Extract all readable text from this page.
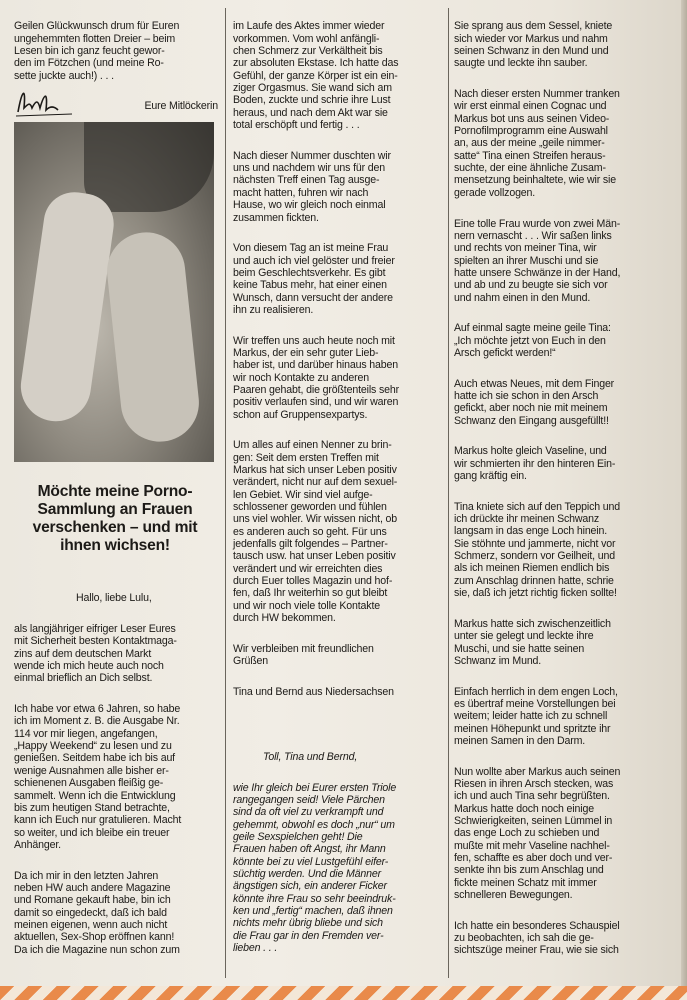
Geilen Glückwunsch drum für Euren
ungehemmten flotten Dreier – beim
Lesen bin ich ganz feucht gewor-
den im Fötzchen (und meine Ro-
sette juckte auch!) . . .

Eure Mitlöckerin

Möchte meine Porno-
Sammlung an Frauen
verschenken – und mit
ihnen wichsen!

Hallo, liebe Lulu,

als langjähriger eifriger Leser Eures
mit Sicherheit besten Kontaktmaga-
zins auf dem deutschen Markt
wende ich mich heute auch noch
einmal brieflich an Dich selbst.

Ich habe vor etwa 6 Jahren, so habe
ich im Moment z. B. die Ausgabe Nr.
114 vor mir liegen, angefangen,
„Happy Weekend“ zu lesen und zu
genießen. Seitdem habe ich bis auf
wenige Ausnahmen alle bisher er-
schienenen Ausgaben fleißig ge-
sammelt. Wenn ich die Entwicklung
bis zum heutigen Stand betrachte,
kann ich Euch nur gratulieren. Macht
so weiter, und ich bleibe ein treuer
Anhänger.

Da ich mir in den letzten Jahren
neben HW auch andere Magazine
und Romane gekauft habe, bin ich
damit so eingedeckt, daß ich bald
meinen eigenen, wenn auch nicht
aktuellen, Sex-Shop eröffnen kann!
Da ich die Magazine nun schon zum

im Laufe des Aktes immer wieder
vorkommen. Vom wohl anfängli-
chen Schmerz zur Verkältheit bis
zur absoluten Ekstase. Ich hatte das
Gefühl, der ganze Körper ist ein ein-
ziger Orgasmus. Sie wand sich am
Boden, zuckte und schrie ihre Lust
heraus, und nach dem Akt war sie
total erschöpft und fertig . . .

Nach dieser Nummer duschten wir
uns und nachdem wir uns für den
nächsten Treff einen Tag ausge-
macht hatten, fuhren wir nach
Hause, wo wir gleich noch einmal
zusammen fickten.

Von diesem Tag an ist meine Frau
und auch ich viel gelöster und freier
beim Geschlechtsverkehr. Es gibt
keine Tabus mehr, hat einer einen
Wunsch, dann versucht der andere
ihn zu realisieren.

Wir treffen uns auch heute noch mit
Markus, der ein sehr guter Lieb-
haber ist, und darüber hinaus haben
wir noch Kontakte zu anderen
Paaren gehabt, die größtenteils sehr
positiv verlaufen sind, und wir waren
schon auf Gruppensexpartys.

Um alles auf einen Nenner zu brin-
gen: Seit dem ersten Treffen mit
Markus hat sich unser Leben positiv
verändert, nicht nur auf dem sexuel-
len Gebiet. Wir sind viel aufge-
schlossener geworden und fühlen
uns viel wohler. Wir wissen nicht, ob
es anderen auch so geht. Für uns
jedenfalls gilt folgendes – Partner-
tausch usw. hat unser Leben positiv
verändert und wir erreichten dies
durch Euer tolles Magazin und hof-
fen, daß Ihr weiterhin so gut bleibt
und wir noch viele tolle Kontakte
durch HW bekommen.

Wir verbleiben mit freundlichen
Grüßen

Tina und Bernd aus Niedersachsen

Toll, Tina und Bernd,

wie Ihr gleich bei Eurer ersten Triole
rangegangen seid! Viele Pärchen
sind da oft viel zu verkrampft und
gehemmt, obwohl es doch „nur“ um
geile Sexspielchen geht! Die
Frauen haben oft Angst, ihr Mann
könnte bei zu viel Lustgefühl eifer-
süchtig werden. Und die Männer
ängstigen sich, ein anderer Ficker
könnte ihre Frau so sehr beeindruk-
ken und „fertig“ machen, daß ihnen
nichts mehr übrig bliebe und sich
die Frau gar in den Fremden ver-
lieben . . .

Sie sprang aus dem Sessel, kniete
sich wieder vor Markus und nahm
seinen Schwanz in den Mund und
saugte und leckte ihn sauber.

Nach dieser ersten Nummer tranken
wir erst einmal einen Cognac und
Markus bot uns aus seinen Video-
Pornofilmprogramm eine Auswahl
an, aus der meine „geile nimmer-
satte“ Tina einen Streifen heraus-
suchte, der eine ähnliche Zusam-
mensetzung beinhaltete, wie wir sie
gerade vollzogen.

Eine tolle Frau wurde von zwei Män-
nern vernascht . . . Wir saßen links
und rechts von meiner Tina, wir
spielten an ihrer Muschi und sie
hatte unsere Schwänze in der Hand,
und ab und zu beugte sie sich vor
und nahm einen in den Mund.

Auf einmal sagte meine geile Tina:
„Ich möchte jetzt von Euch in den
Arsch gefickt werden!“

Auch etwas Neues, mit dem Finger
hatte ich sie schon in den Arsch
gefickt, aber noch nie mit meinem
Schwanz den Eingang ausgefüllt!!

Markus holte gleich Vaseline, und
wir schmierten ihr den hinteren Ein-
gang kräftig ein.

Tina kniete sich auf den Teppich und
ich drückte ihr meinen Schwanz
langsam in das enge Loch hinein.
Sie stöhnte und jammerte, nicht vor
Schmerz, sondern vor Geilheit, und
als ich meinen Riemen endlich bis
zum Anschlag drinnen hatte, schrie
sie, daß ich jetzt richtig ficken sollte!

Markus hatte sich zwischenzeitlich
unter sie gelegt und leckte ihre
Muschi, und sie hatte seinen
Schwanz im Mund.

Einfach herrlich in dem engen Loch,
es übertraf meine Vorstellungen bei
weitem; leider hatte ich zu schnell
meinen Höhepunkt und spritzte ihr
meinen Samen in den Darm.

Nun wollte aber Markus auch seinen
Riesen in ihren Arsch stecken, was
ich und auch Tina sehr begrüßten.
Markus hatte doch noch einige
Schwierigkeiten, seinen Lümmel in
das enge Loch zu schieben und
mußte mit mehr Vaseline nachhel-
fen, schaffte es aber doch und ver-
senkte ihn bis zum Anschlag und
fickte meinen Schatz mit immer
schnelleren Bewegungen.

Ich hatte ein besonderes Schauspiel
zu beobachten, ich sah die ge-
sichtszüge meiner Frau, wie sie sich
